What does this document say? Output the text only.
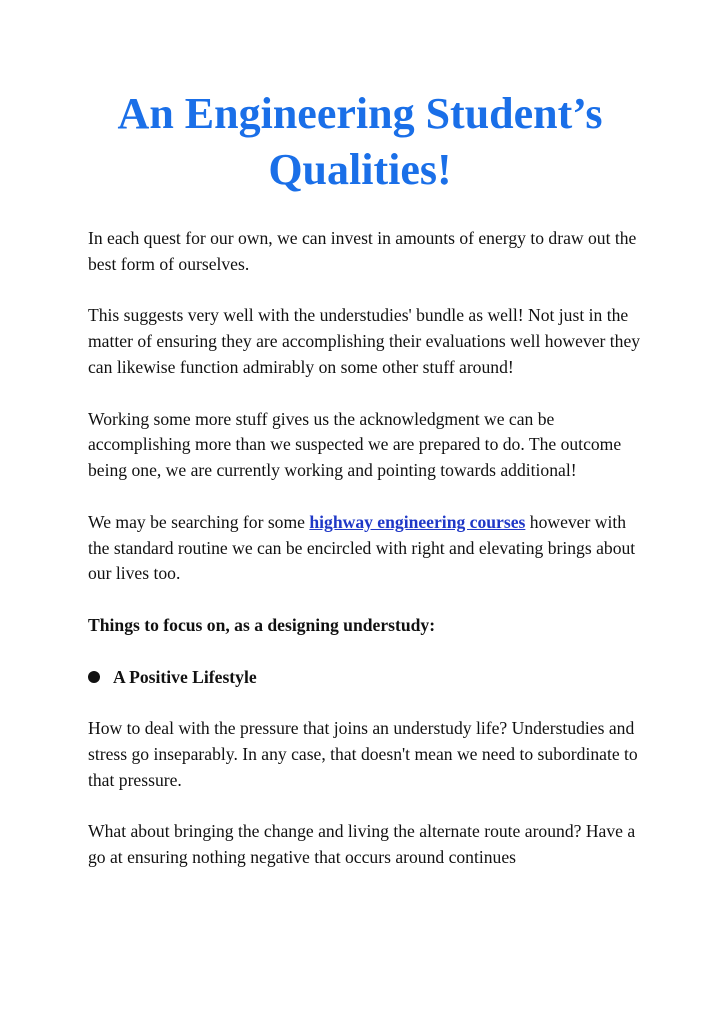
An Engineering Student’s
Qualities!

In each quest for our own, we can invest in amounts of energy to draw out the best form of ourselves.

This suggests very well with the understudies' bundle as well! Not just in the matter of ensuring they are accomplishing their evaluations well however they can likewise function admirably on some other stuff around!

Working some more stuff gives us the acknowledgment we can be accomplishing more than we suspected we are prepared to do. The outcome being one, we are currently working and pointing towards additional!

We may be searching for some highway engineering courses however with the standard routine we can be encircled with right and elevating brings about our lives too.

Things to focus on, as a designing understudy:

A Positive Lifestyle

How to deal with the pressure that joins an understudy life? Understudies and stress go inseparably. In any case, that doesn't mean we need to subordinate to that pressure.

What about bringing the change and living the alternate route around? Have a go at ensuring nothing negative that occurs around continues
